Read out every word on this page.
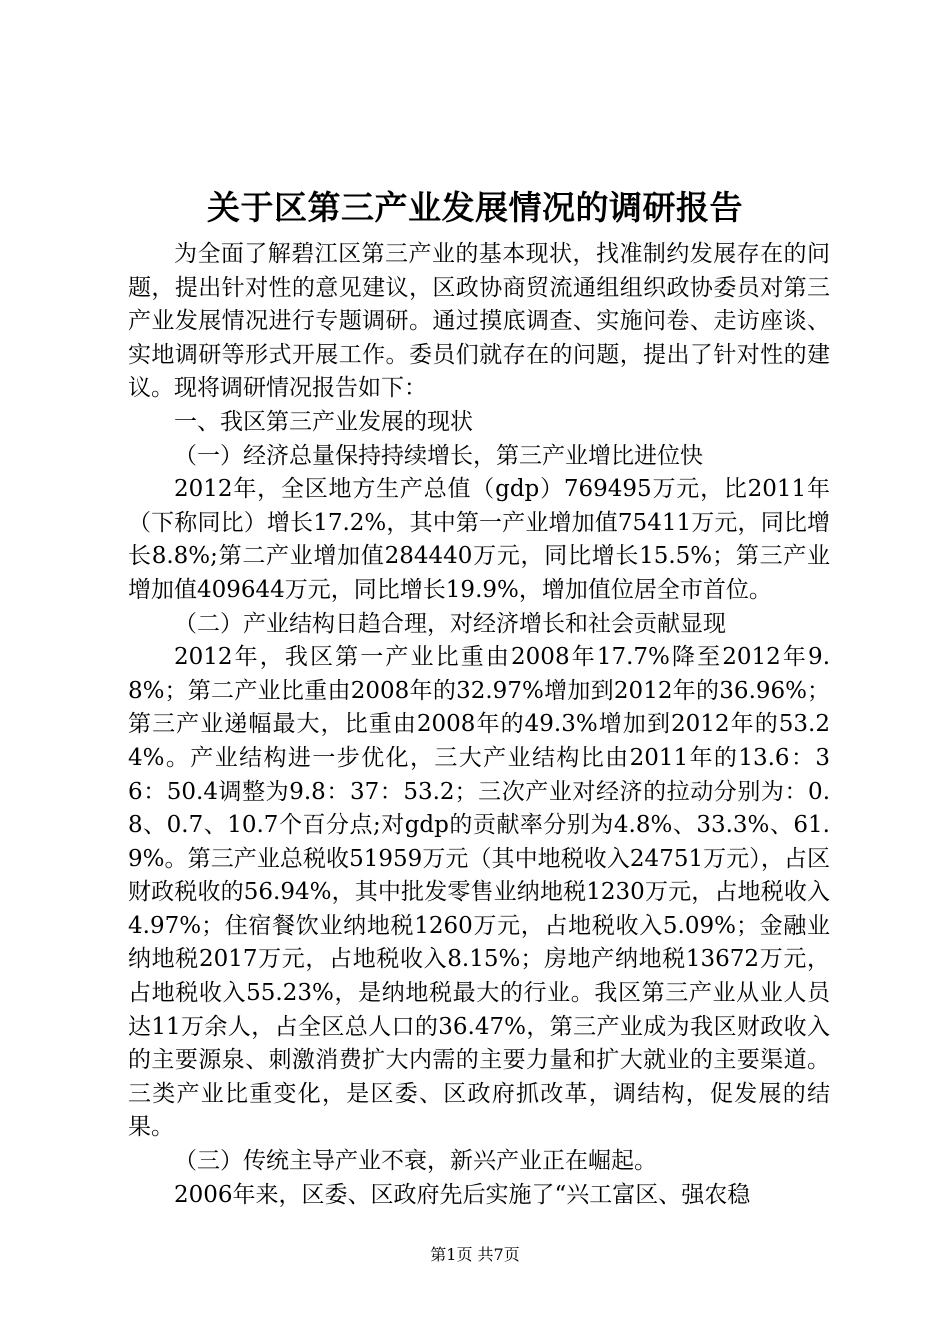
关于区第三产业发展情况的调研报告

为全面了解碧江区第三产业的基本现状，找准制约发展存在的问题，提出针对性的意见建议，区政协商贸流通组组织政协委员对第三产业发展情况进行专题调研。通过摸底调查、实施问卷、走访座谈、实地调研等形式开展工作。委员们就存在的问题，提出了针对性的建议。现将调研情况报告如下：

一、我区第三产业发展的现状

（一）经济总量保持持续增长，第三产业增比进位快

2012年，全区地方生产总值（gdp）769495万元，比2011年（下称同比）增长17.2%，其中第一产业增加值75411万元，同比增长8.8%;第二产业增加值284440万元，同比增长15.5%；第三产业增加值409644万元，同比增长19.9%，增加值位居全市首位。

（二）产业结构日趋合理，对经济增长和社会贡献显现

2012年，我区第一产业比重由2008年17.7%降至2012年9.8%；第二产业比重由2008年的32.97%增加到2012年的36.96%；第三产业递幅最大，比重由2008年的49.3%增加到2012年的53.24%。产业结构进一步优化，三大产业结构比由2011年的13.6：36：50.4调整为9.8：37：53.2；三次产业对经济的拉动分别为：0.8、0.7、10.7个百分点;对gdp的贡献率分别为4.8%、33.3%、61.9%。第三产业总税收51959万元（其中地税收入24751万元），占区财政税收的56.94%，其中批发零售业纳地税1230万元，占地税收入4.97%；住宿餐饮业纳地税1260万元，占地税收入5.09%；金融业纳地税2017万元，占地税收入8.15%；房地产纳地税13672万元，占地税收入55.23%，是纳地税最大的行业。我区第三产业从业人员达11万余人，占全区总人口的36.47%，第三产业成为我区财政收入的主要源泉、刺激消费扩大内需的主要力量和扩大就业的主要渠道。三类产业比重变化，是区委、区政府抓改革，调结构，促发展的结果。

（三）传统主导产业不衰，新兴产业正在崛起。

2006年来，区委、区政府先后实施了“兴工富区、强农稳

第1页 共7页
